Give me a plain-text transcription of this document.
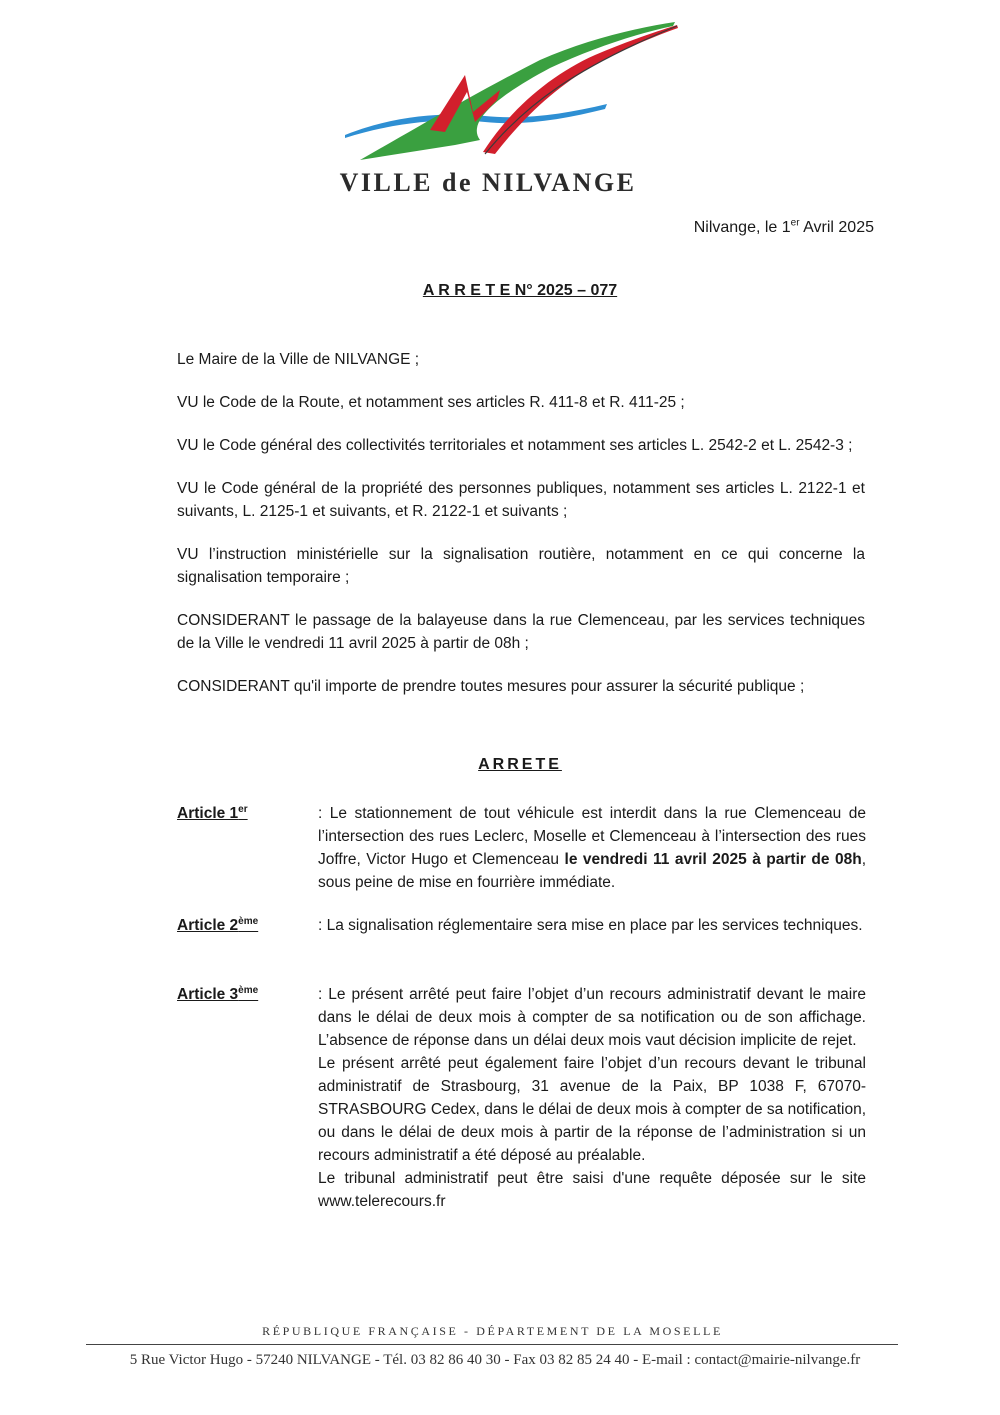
VILLE de NILVANGE
Nilvange, le 1er Avril 2025
A R R E T E N° 2025 – 077

Le Maire de la Ville de NILVANGE ;

VU le Code de la Route, et notamment ses articles R. 411-8 et R. 411-25 ;

VU le Code général des collectivités territoriales et notamment ses articles L. 2542-2 et L. 2542-3 ;

VU le Code général de la propriété des personnes publiques, notamment ses articles L. 2122-1 et suivants, L. 2125-1 et suivants, et R. 2122-1 et suivants ;

VU l’instruction ministérielle sur la signalisation routière, notamment en ce qui concerne la signalisation temporaire ;

CONSIDERANT le passage de la balayeuse dans la rue Clemenceau, par les services techniques de la Ville le vendredi 11 avril 2025 à partir de 08h ;

CONSIDERANT qu'il importe de prendre toutes mesures pour assurer la sécurité publique ;

ARRETE
Article 1er	: Le stationnement de tout véhicule est interdit dans la rue Clemenceau de l’intersection des rues Leclerc, Moselle et Clemenceau à l’intersection des rues Joffre, Victor Hugo et Clemenceau le vendredi 11 avril 2025 à partir de 08h, sous peine de mise en fourrière immédiate.
Article 2ème	: La signalisation réglementaire sera mise en place par les services techniques.
Article 3ème	: Le présent arrêté peut faire l’objet d’un recours administratif devant le maire dans le délai de deux mois à compter de sa notification ou de son affichage. L’absence de réponse dans un délai deux mois vaut décision implicite de rejet.

Le présent arrêté peut également faire l’objet d’un recours devant le tribunal administratif de Strasbourg, 31 avenue de la Paix, BP 1038 F, 67070- STRASBOURG Cedex, dans le délai de deux mois à compter de sa notification, ou dans le délai de deux mois à partir de la réponse de l’administration si un recours administratif a été déposé au préalable.

Le tribunal administratif peut être saisi d'une requête déposée sur le site www.telerecours.fr

RÉPUBLIQUE FRANÇAISE - DÉPARTEMENT DE LA MOSELLE
5 Rue Victor Hugo - 57240 NILVANGE - Tél. 03 82 86 40 30 - Fax 03 82 85 24 40 - E-mail : contact@mairie-nilvange.fr
